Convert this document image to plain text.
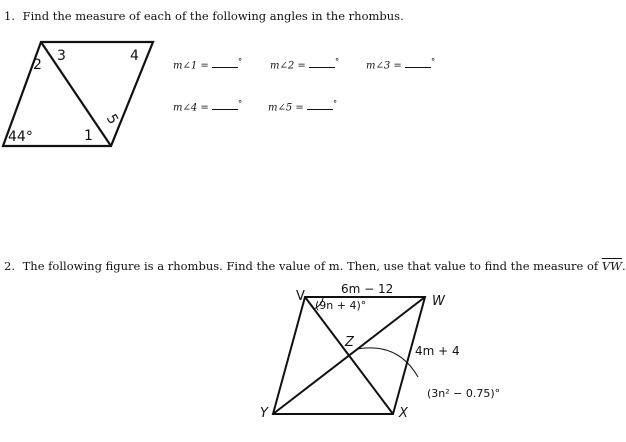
1. Find the measure of each of the following angles in the rhombus.
2
3	4
44°	1
5
m∠1 =	°	m∠2 =	°	m∠3 =	°
m∠4 =	°	m∠5 =	°
2. The following figure is a rhombus. Find the value of m. Then, use that value to find the measure of $\overline{VW}$.
V	W
X
Y
Z
6m − 12
(9n + 4)°
4m + 4
(3n² − 0.75)°
